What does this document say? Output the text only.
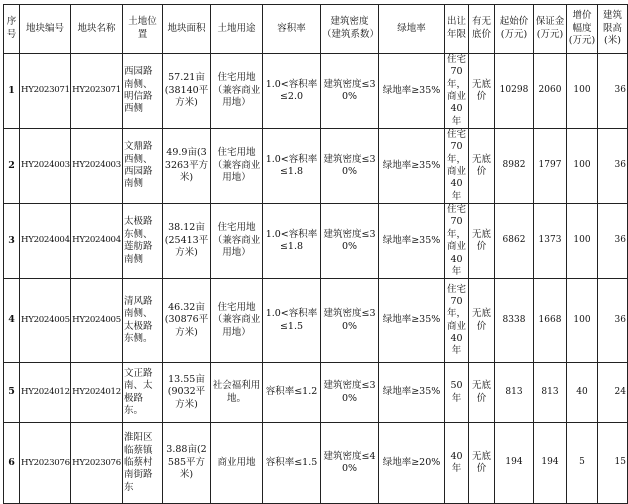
序号	地块编号	地块名称	土地位置	地块面积	土地用途	容积率	建筑密度（建筑系数）	绿地率	出让年限	有无底价	起始价(万元)	保证金(万元)	增价幅度(万元)	建筑限高(米)
1	HY2023071	HY2023071	西园路南侧、明信路西侧	57.21亩(38140平方米)	住宅用地（兼容商业用地）	1.0<容积率≤2.0	建筑密度≤30%	绿地率≥35%	住宅70年，商业40年	无底价	10298	2060	100	36
2	HY2024003	HY2024003	文鼎路西侧、西园路南侧	49.9亩(33263平方米)	住宅用地（兼容商业用地）	1.0<容积率≤1.8	建筑密度≤30%	绿地率≥35%	住宅70年，商业40年	无底价	8982	1797	100	36
3	HY2024004	HY2024004	太极路东侧、莲舫路南侧	38.12亩(25413平方米)	住宅用地（兼容商业用地）	1.0<容积率≤1.8	建筑密度≤30%	绿地率≥35%	住宅70年，商业40年	无底价	6862	1373	100	36
4	HY2024005	HY2024005	清风路南侧、太极路东侧。	46.32亩(30876平方米)	住宅用地（兼容商业用地）	1.0<容积率≤1.5	建筑密度≤30%	绿地率≥35%	住宅70年，商业40年	无底价	8338	1668	100	36
5	HY2024012	HY2024012	文正路南、太极路东。	13.55亩(9032平方米)	社会福利用地。	容积率≤1.2	建筑密度≤30%	绿地率≥35%	50年	无底价	813	813	40	24
6	HY2023076	HY2023076	淮阳区临蔡镇临蔡村南街路东	3.88亩(2585平方米)	商业用地	容积率≤1.5	建筑密度≤40%	绿地率≥20%	40年	无底价	194	194	5	15
